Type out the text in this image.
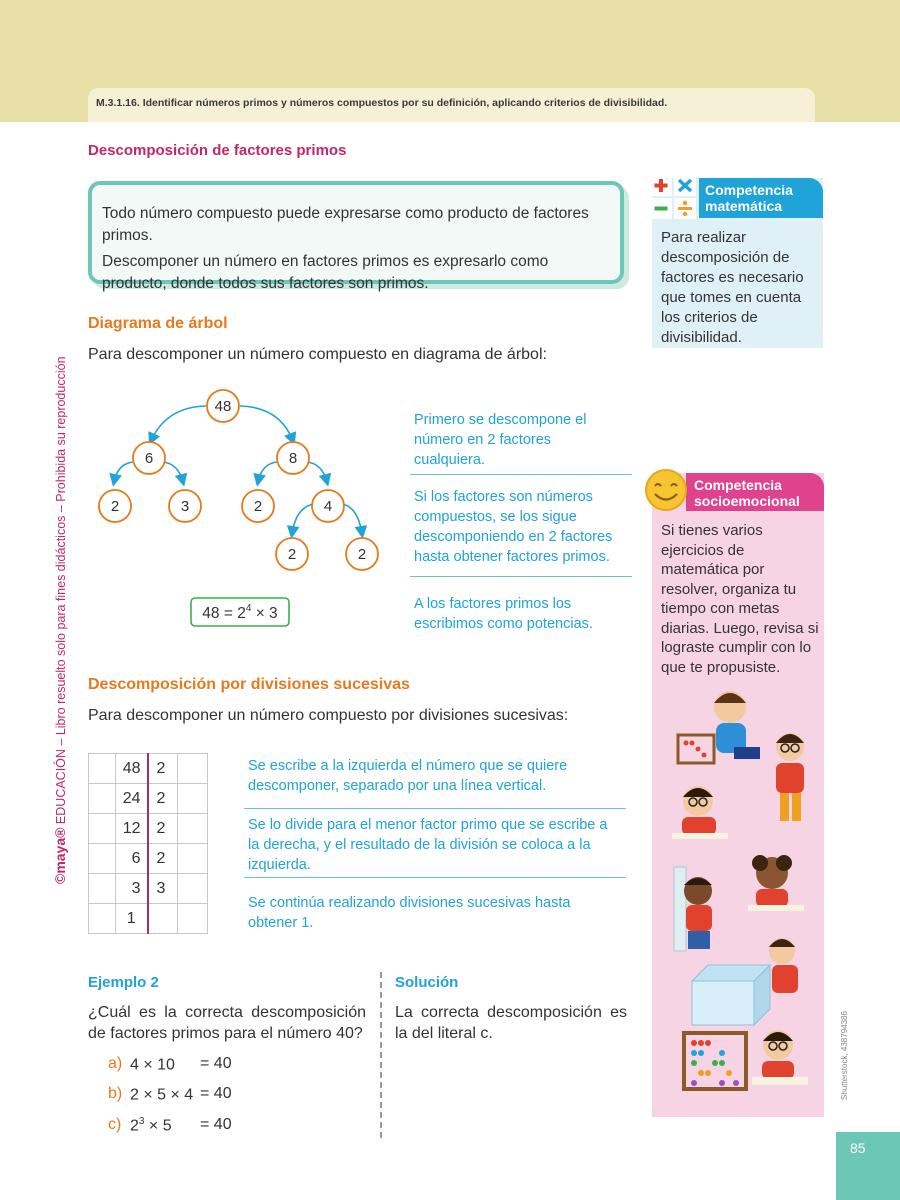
M.3.1.16. Identificar números primos y números compuestos por su definición, aplicando criterios de divisibilidad.
©maya® EDUCACIÓN – Libro resuelto solo para fines didácticos – Prohibida su reproducción
Descomposición de factores primos

Todo número compuesto puede expresarse como producto de factores primos.

Descomponer un número en factores primos es expresarlo como producto, donde todos sus factores son primos.

Competencia matemática
Para realizar descomposición de factores es necesario que tomes en cuenta los criterios de divisibilidad.
Diagrama de árbol
Para descomponer un número compuesto en diagrama de árbol:
48
6	8
2	3	2	4
2	2
$48 = 2^4 \times 3$
Primero se descompone el número en 2 factores cualquiera.
Si los factores son números compuestos, se los sigue descomponiendo en 2 factores hasta obtener factores primos.
A los factores primos los escribimos como potencias.
Descomposición por divisiones sucesivas
Para descomponer un número compuesto por divisiones sucesivas:
	48	2	
	24	2	
	12	2	
	6	2	
	3	3	
	1		
Se escribe a la izquierda el número que se quiere descomponer, separado por una línea vertical.
Se lo divide para el menor factor primo que se escribe a la derecha, y el resultado de la división se coloca a la izquierda.
Se continúa realizando divisiones sucesivas hasta obtener 1.
Competencia socioemocional
Si tienes varios ejercicios de matemática por resolver, organiza tu tiempo con metas diarias. Luego, revisa si lograste cumplir con lo que te propusiste.
Shutterstock, 438794386
Ejemplo 2
¿Cuál es la correcta descomposición de factores primos para el número 40?
a) 4 × 10 = 40
b) 2 × 5 × 4 = 40
c) $2^3 \times 5 = 40$
Solución
La correcta descomposición es la del literal c.
85
